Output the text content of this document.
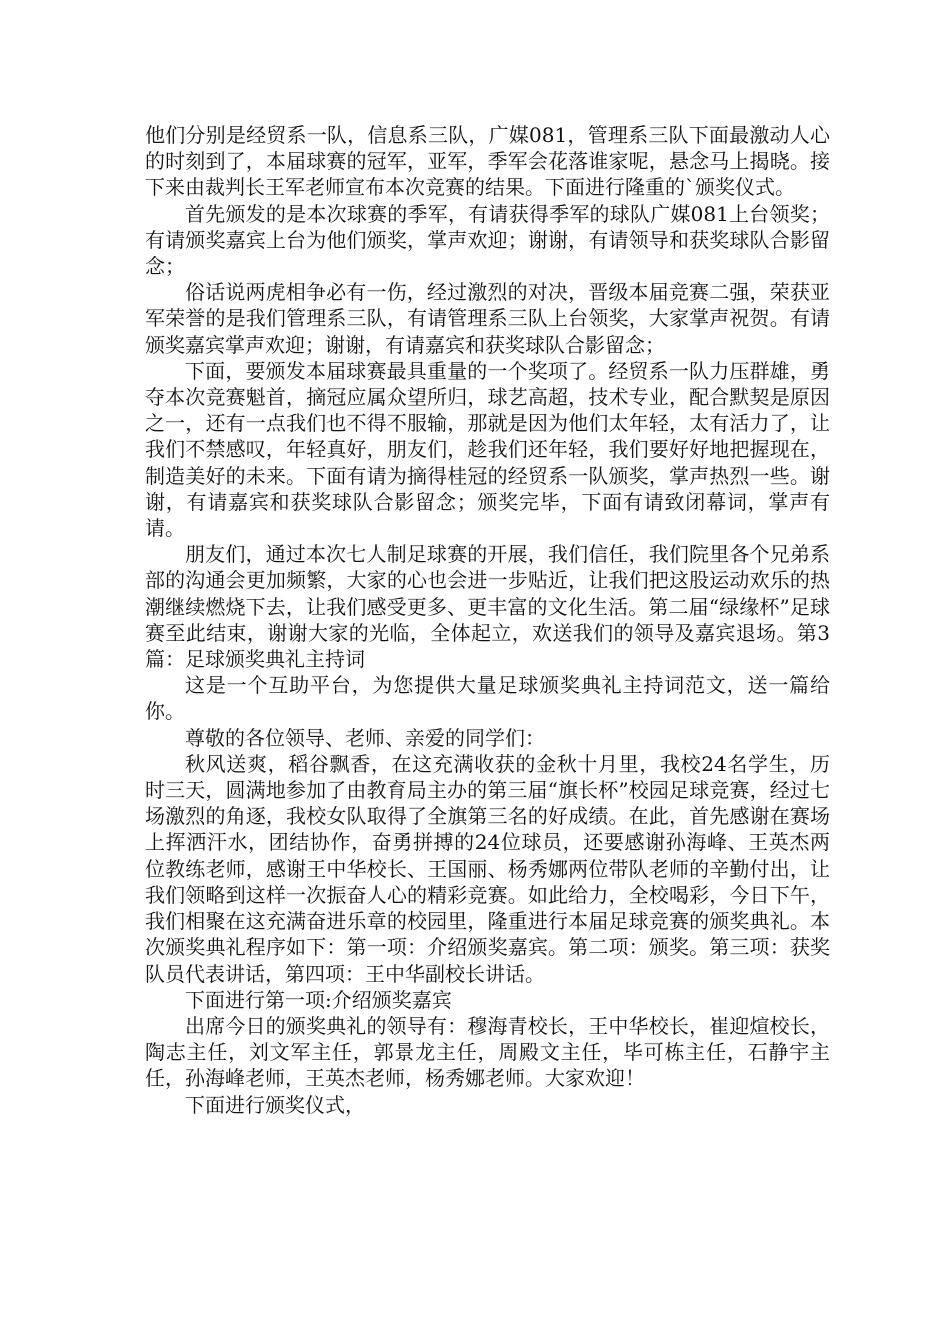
他们分别是经贸系一队，信息系三队，广媒081，管理系三队下面最激动人心的时刻到了，本届球赛的冠军，亚军，季军会花落谁家呢，悬念马上揭晓。接下来由裁判长王军老师宣布本次竞赛的结果。下面进行隆重的`颁奖仪式。

首先颁发的是本次球赛的季军，有请获得季军的球队广媒081上台领奖；有请颁奖嘉宾上台为他们颁奖，掌声欢迎；谢谢，有请领导和获奖球队合影留念；

俗话说两虎相争必有一伤，经过激烈的对决，晋级本届竞赛二强，荣获亚军荣誉的是我们管理系三队，有请管理系三队上台领奖，大家掌声祝贺。有请颁奖嘉宾掌声欢迎；谢谢，有请嘉宾和获奖球队合影留念；

下面，要颁发本届球赛最具重量的一个奖项了。经贸系一队力压群雄，勇夺本次竞赛魁首，摘冠应属众望所归，球艺高超，技术专业，配合默契是原因之一，还有一点我们也不得不服输，那就是因为他们太年轻，太有活力了，让我们不禁感叹，年轻真好，朋友们，趁我们还年轻，我们要好好地把握现在，制造美好的未来。下面有请为摘得桂冠的经贸系一队颁奖，掌声热烈一些。谢谢，有请嘉宾和获奖球队合影留念；颁奖完毕，下面有请致闭幕词，掌声有请。

朋友们，通过本次七人制足球赛的开展，我们信任，我们院里各个兄弟系部的沟通会更加频繁，大家的心也会进一步贴近，让我们把这股运动欢乐的热潮继续燃烧下去，让我们感受更多、更丰富的文化生活。第二届“绿缘杯”足球赛至此结束，谢谢大家的光临，全体起立，欢送我们的领导及嘉宾退场。第3篇：足球颁奖典礼主持词

这是一个互助平台，为您提供大量足球颁奖典礼主持词范文，送一篇给你。

尊敬的各位领导、老师、亲爱的同学们：

秋风送爽，稻谷飘香，在这充满收获的金秋十月里，我校24名学生，历时三天，圆满地参加了由教育局主办的第三届“旗长杯”校园足球竞赛，经过七场激烈的角逐，我校女队取得了全旗第三名的好成绩。在此，首先感谢在赛场上挥洒汗水，团结协作，奋勇拼搏的24位球员，还要感谢孙海峰、王英杰两位教练老师，感谢王中华校长、王国丽、杨秀娜两位带队老师的辛勤付出，让我们领略到这样一次振奋人心的精彩竞赛。如此给力，全校喝彩，今日下午，我们相聚在这充满奋进乐章的校园里，隆重进行本届足球竞赛的颁奖典礼。本次颁奖典礼程序如下：第一项：介绍颁奖嘉宾。第二项：颁奖。第三项：获奖队员代表讲话，第四项：王中华副校长讲话。

下面进行第一项:介绍颁奖嘉宾

出席今日的颁奖典礼的领导有：穆海青校长，王中华校长，崔迎煊校长，陶志主任，刘文军主任，郭景龙主任，周殿文主任，毕可栋主任，石静宇主任，孙海峰老师，王英杰老师，杨秀娜老师。大家欢迎！

下面进行颁奖仪式，
